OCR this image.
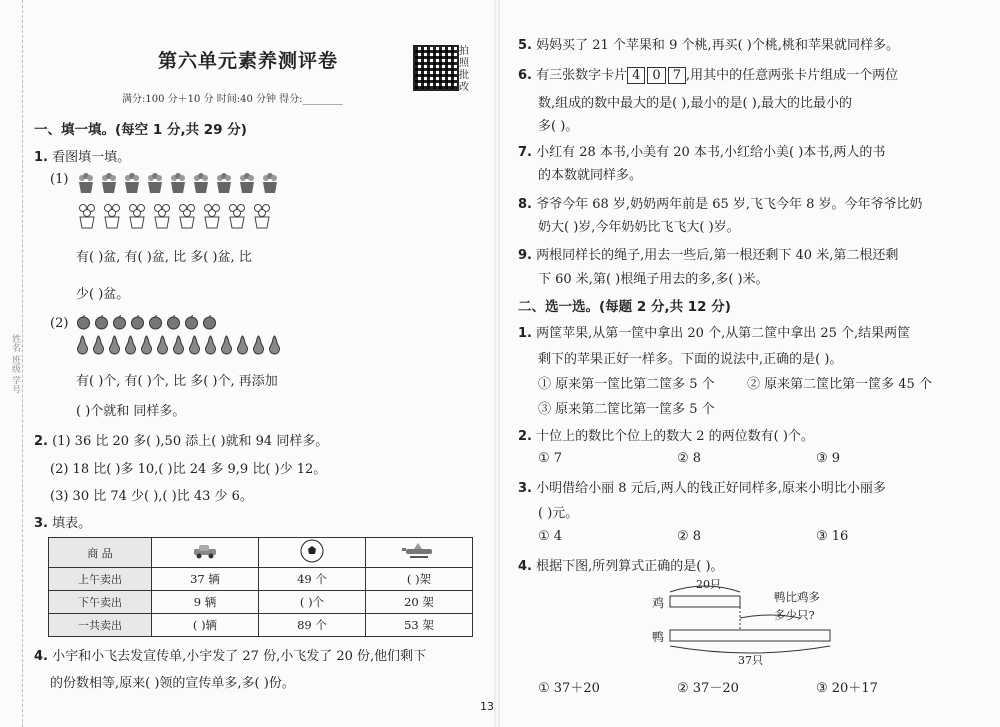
姓名 班级 学号
第六单元素养测评卷	拍照批改
满分:100 分＋10 分 时间:40 分钟 得分:________
一、填一填。(每空 1 分,共 29 分)
1. 看图填一填。
(1)
有( )盆, 有( )盆, 比 多( )盆, 比
少( )盆。
(2)
有( )个, 有( )个, 比 多( )个, 再添加
( )个就和 同样多。
2. (1) 36 比 20 多( ),50 添上( )就和 94 同样多。
(2) 18 比( )多 10,( )比 24 多 9,9 比( )少 12。
(3) 30 比 74 少( ),( )比 43 少 6。
3. 填表。
商 品			
上午卖出	37 辆	49 个	( )架
下午卖出	9 辆	( )个	20 架
一共卖出	( )辆	89 个	53 架
4. 小宇和小飞去发宣传单,小宇发了 27 份,小飞发了 20 份,他们剩下
的份数相等,原来( )领的宣传单多,多( )份。
5. 妈妈买了 21 个苹果和 9 个桃,再买( )个桃,桃和苹果就同样多。
6. 有三张数字卡片 4 0 7 ,用其中的任意两张卡片组成一个两位
数,组成的数中最大的是( ),最小的是( ),最大的比最小的
多( )。
7. 小红有 28 本书,小美有 20 本书,小红给小美( )本书,两人的书
的本数就同样多。
8. 爷爷今年 68 岁,奶奶两年前是 65 岁,飞飞今年 8 岁。今年爷爷比奶
奶大( )岁,今年奶奶比飞飞大( )岁。
9. 两根同样长的绳子,用去一些后,第一根还剩下 40 米,第二根还剩
下 60 米,第( )根绳子用去的多,多( )米。
二、选一选。(每题 2 分,共 12 分)
1. 两筐苹果,从第一筐中拿出 20 个,从第二筐中拿出 25 个,结果两筐
剩下的苹果正好一样多。下面的说法中,正确的是( )。
① 原来第一筐比第二筐多 5 个 ② 原来第二筐比第一筐多 45 个
③ 原来第二筐比第一筐多 5 个
2. 十位上的数比个位上的数大 2 的两位数有( )个。
① 7	② 8	③ 9
3. 小明借给小丽 8 元后,两人的钱正好同样多,原来小明比小丽多
( )元。
① 4	② 8	③ 16
4. 根据下图,所列算式正确的是( )。
20只
鸡
鸭
鸭比鸡多
多少只?
37只
① 37＋20	② 37－20	③ 20＋17
13
